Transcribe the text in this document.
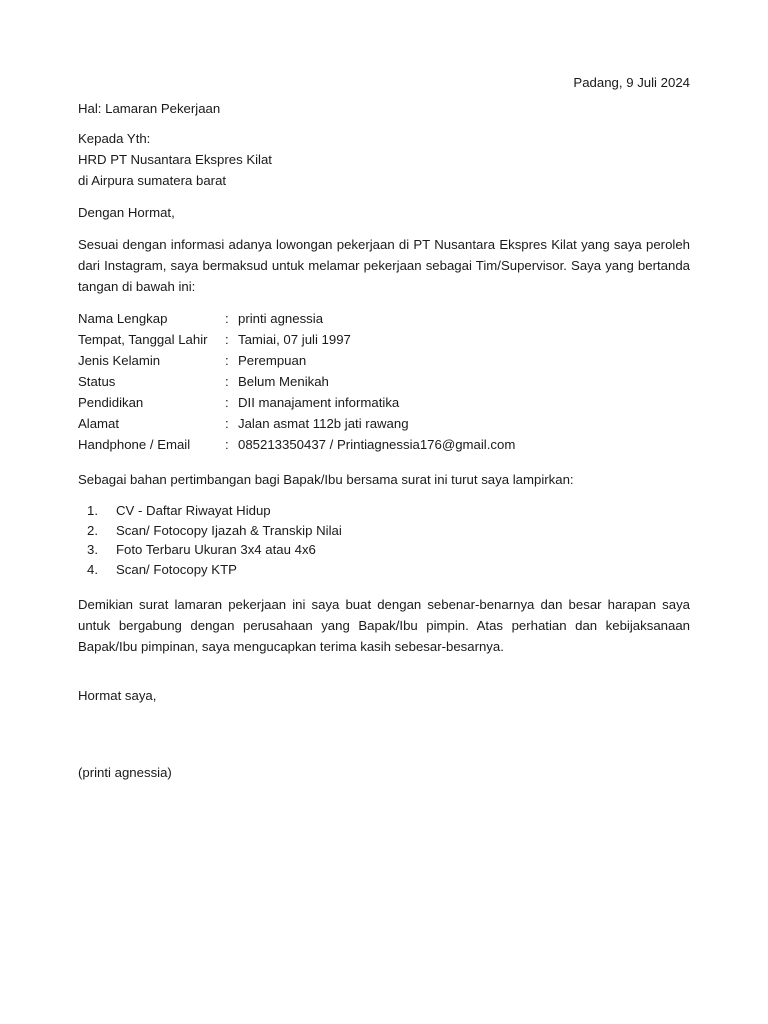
Padang, 9 Juli 2024
Hal: Lamaran Pekerjaan
Kepada Yth:
HRD PT Nusantara Ekspres Kilat
di Airpura sumatera barat
Dengan Hormat,
Sesuai dengan informasi adanya lowongan pekerjaan di PT Nusantara Ekspres Kilat yang saya peroleh dari Instagram, saya bermaksud untuk melamar pekerjaan sebagai Tim/Supervisor. Saya yang bertanda tangan di bawah ini:
Nama Lengkap	:	printi agnessia
Tempat, Tanggal Lahir	:	Tamiai, 07 juli 1997
Jenis Kelamin	:	Perempuan
Status	:	Belum Menikah
Pendidikan	:	DII manajament informatika
Alamat	:	Jalan asmat 112b jati rawang
Handphone / Email	:	085213350437 / Printiagnessia176@gmail.com
Sebagai bahan pertimbangan bagi Bapak/Ibu bersama surat ini turut saya lampirkan:
1. CV - Daftar Riwayat Hidup
2. Scan/ Fotocopy Ijazah & Transkip Nilai
3. Foto Terbaru Ukuran 3x4 atau 4x6
4. Scan/ Fotocopy KTP
Demikian surat lamaran pekerjaan ini saya buat dengan sebenar-benarnya dan besar harapan saya untuk bergabung dengan perusahaan yang Bapak/Ibu pimpin. Atas perhatian dan kebijaksanaan Bapak/Ibu pimpinan, saya mengucapkan terima kasih sebesar-besarnya.
Hormat saya,
(printi agnessia)
